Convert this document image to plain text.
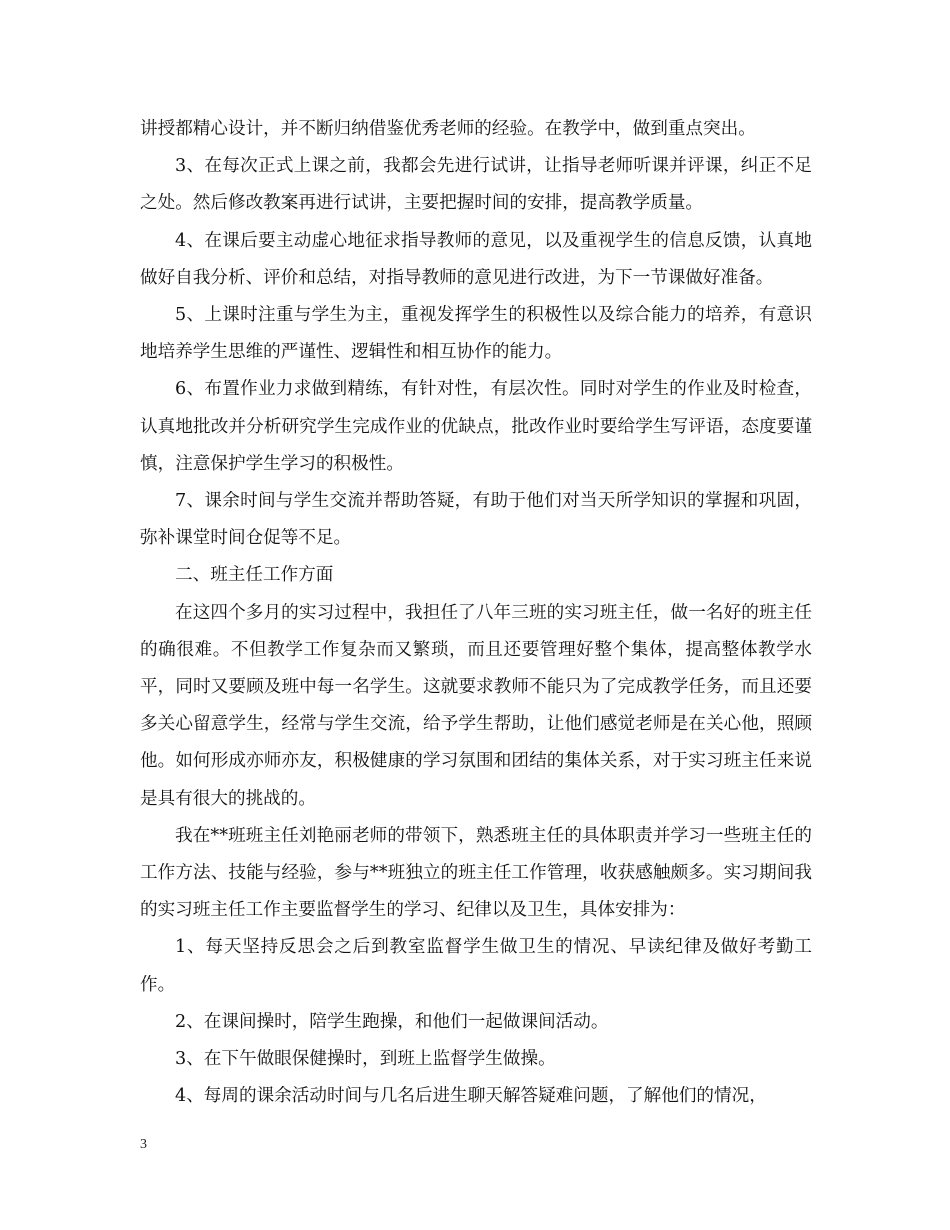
讲授都精心设计，并不断归纳借鉴优秀老师的经验。在教学中，做到重点突出。

3、在每次正式上课之前，我都会先进行试讲，让指导老师听课并评课，纠正不足之处。然后修改教案再进行试讲，主要把握时间的安排，提高教学质量。

4、在课后要主动虚心地征求指导教师的意见，以及重视学生的信息反馈，认真地做好自我分析、评价和总结，对指导教师的意见进行改进，为下一节课做好准备。

5、上课时注重与学生为主，重视发挥学生的积极性以及综合能力的培养，有意识地培养学生思维的严谨性、逻辑性和相互协作的能力。

6、布置作业力求做到精练，有针对性，有层次性。同时对学生的作业及时检查，认真地批改并分析研究学生完成作业的优缺点，批改作业时要给学生写评语，态度要谨慎，注意保护学生学习的积极性。

7、课余时间与学生交流并帮助答疑，有助于他们对当天所学知识的掌握和巩固，弥补课堂时间仓促等不足。

二、班主任工作方面

在这四个多月的实习过程中，我担任了八年三班的实习班主任，做一名好的班主任的确很难。不但教学工作复杂而又繁琐，而且还要管理好整个集体，提高整体教学水平，同时又要顾及班中每一名学生。这就要求教师不能只为了完成教学任务，而且还要多关心留意学生，经常与学生交流，给予学生帮助，让他们感觉老师是在关心他，照顾他。如何形成亦师亦友，积极健康的学习氛围和团结的集体关系，对于实习班主任来说是具有很大的挑战的。

我在**班班主任刘艳丽老师的带领下，熟悉班主任的具体职责并学习一些班主任的工作方法、技能与经验，参与**班独立的班主任工作管理，收获感触颇多。实习期间我的实习班主任工作主要监督学生的学习、纪律以及卫生，具体安排为：

1、每天坚持反思会之后到教室监督学生做卫生的情况、早读纪律及做好考勤工作。

2、在课间操时，陪学生跑操，和他们一起做课间活动。

3、在下午做眼保健操时，到班上监督学生做操。

4、每周的课余活动时间与几名后进生聊天解答疑难问题，了解他们的情况，

3
